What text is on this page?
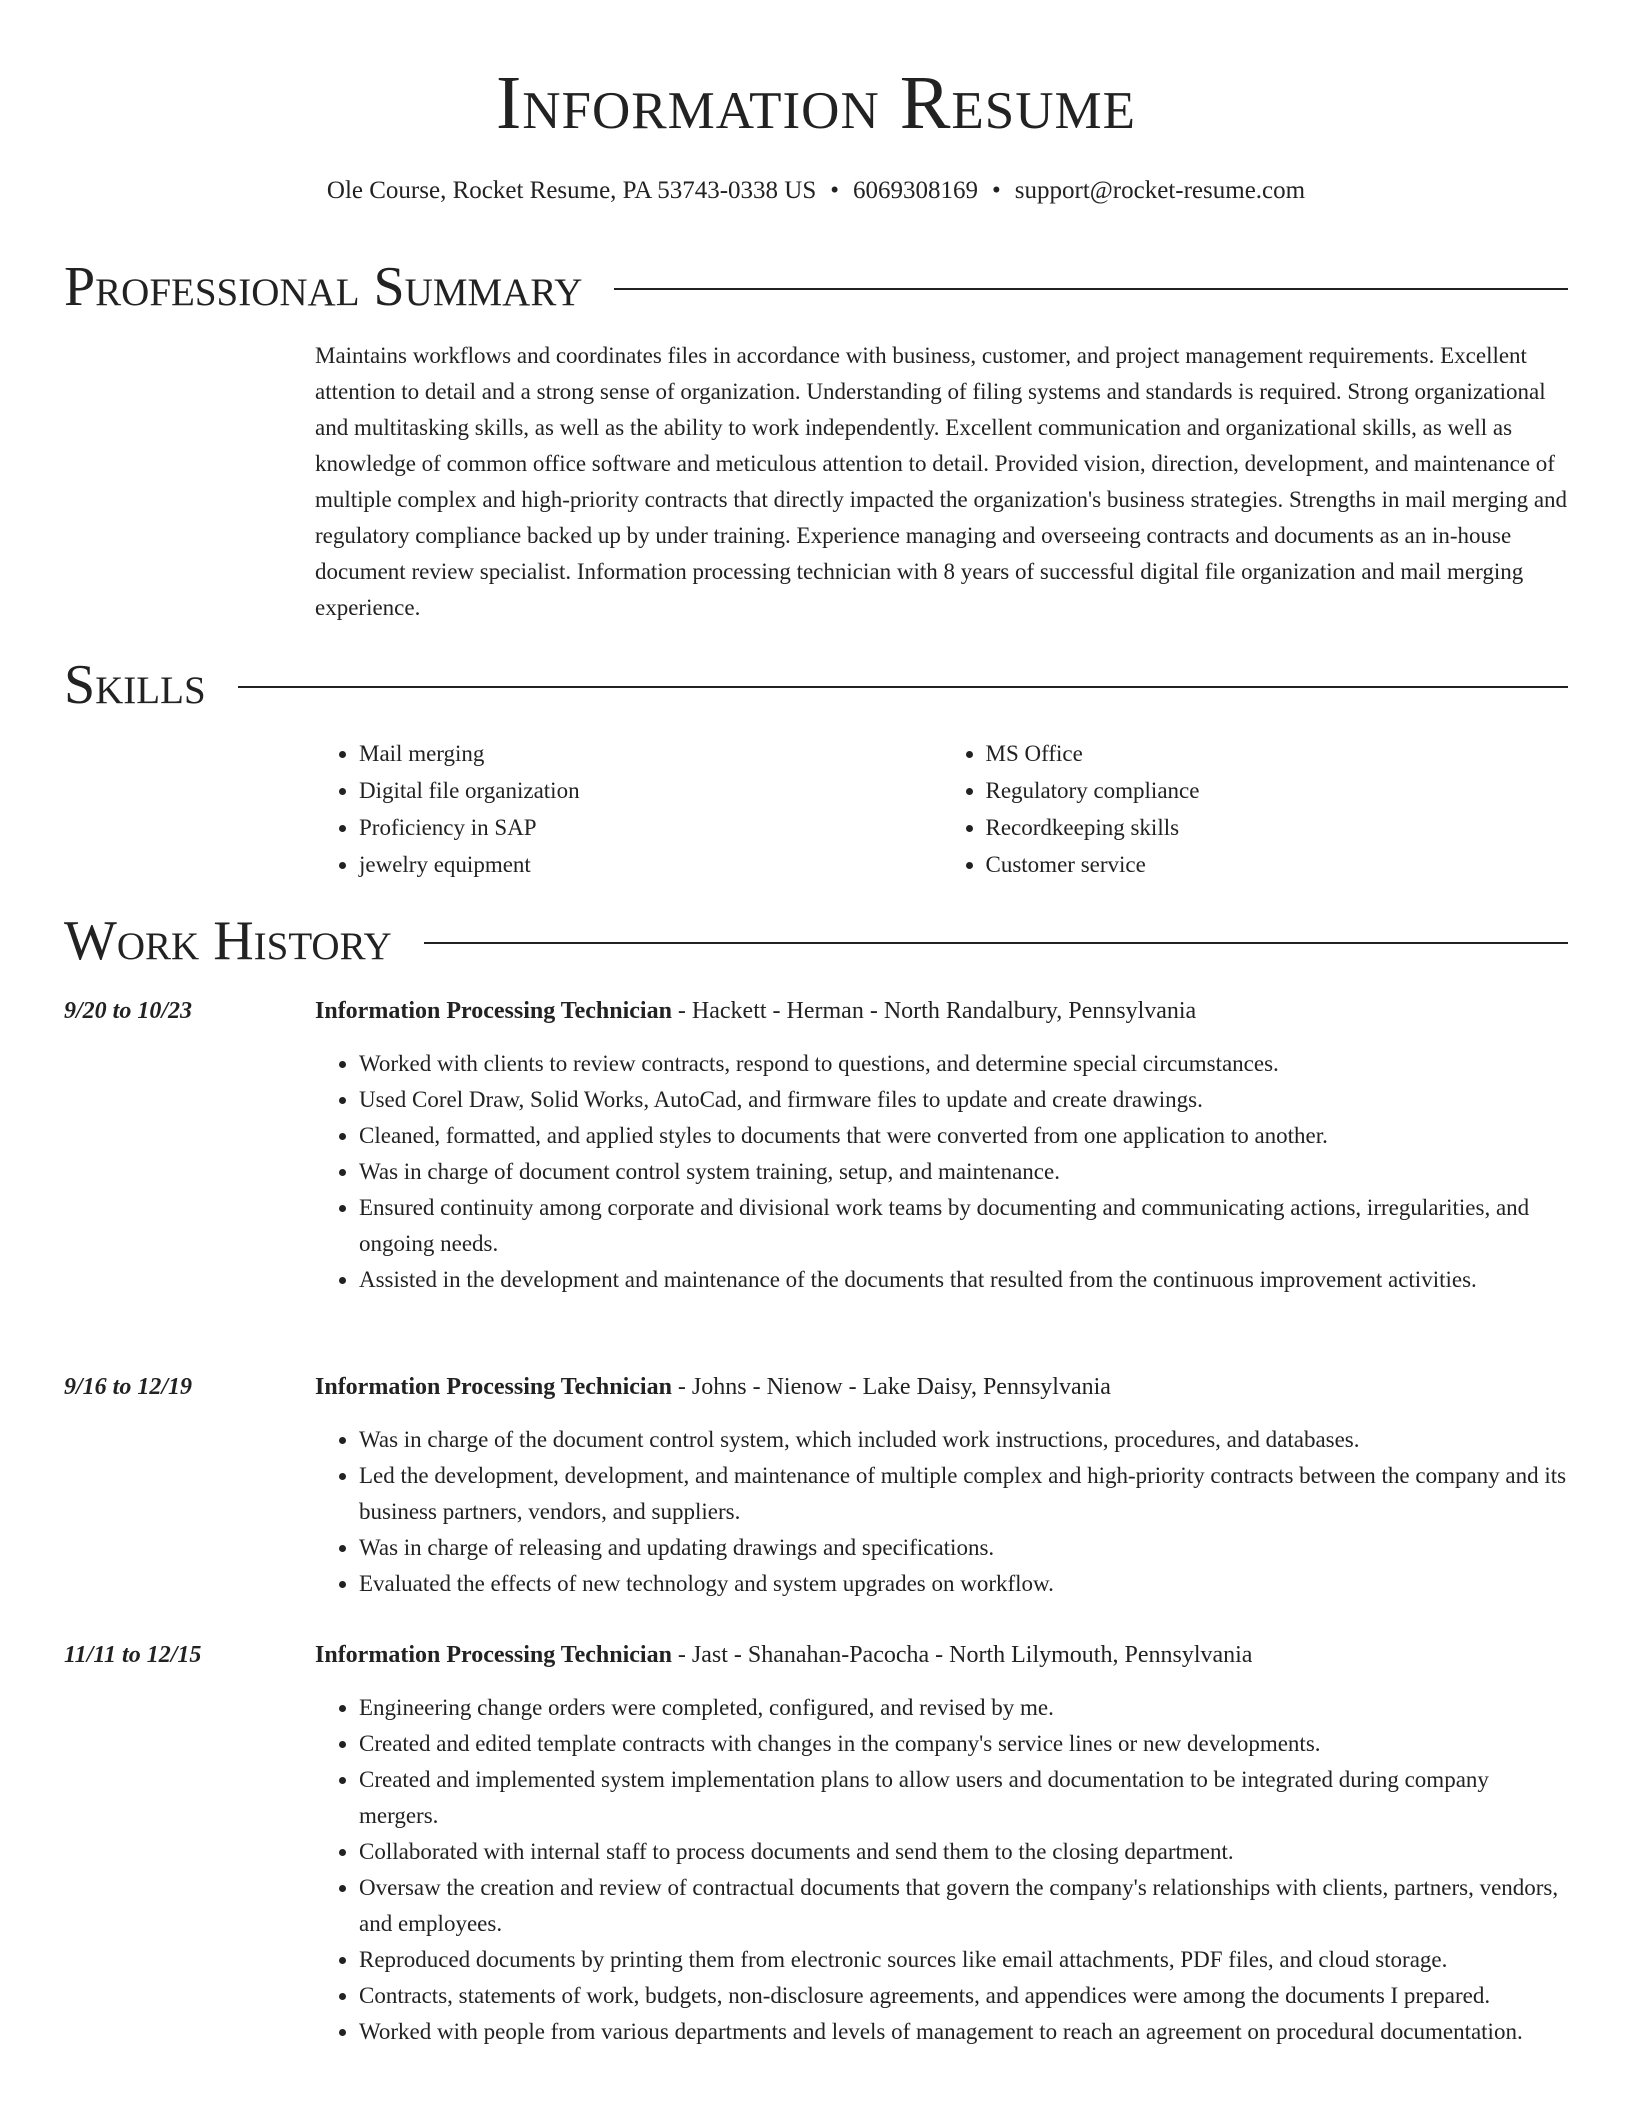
Information Resume
Ole Course, Rocket Resume, PA 53743-0338 US • 6069308169 • support@rocket-resume.com
Professional Summary
Maintains workflows and coordinates files in accordance with business, customer, and project management requirements. Excellent attention to detail and a strong sense of organization. Understanding of filing systems and standards is required. Strong organizational and multitasking skills, as well as the ability to work independently. Excellent communication and organizational skills, as well as knowledge of common office software and meticulous attention to detail. Provided vision, direction, development, and maintenance of multiple complex and high-priority contracts that directly impacted the organization's business strategies. Strengths in mail merging and regulatory compliance backed up by under training. Experience managing and overseeing contracts and documents as an in-house document review specialist. Information processing technician with 8 years of successful digital file organization and mail merging experience.
Skills
• Mail merging
• Digital file organization
• Proficiency in SAP
• jewelry equipment
• MS Office
• Regulatory compliance
• Recordkeeping skills
• Customer service
Work History
9/20 to 10/23	Information Processing Technician - Hackett - Herman - North Randalbury, Pennsylvania
• Worked with clients to review contracts, respond to questions, and determine special circumstances.
• Used Corel Draw, Solid Works, AutoCad, and firmware files to update and create drawings.
• Cleaned, formatted, and applied styles to documents that were converted from one application to another.
• Was in charge of document control system training, setup, and maintenance.
• Ensured continuity among corporate and divisional work teams by documenting and communicating actions, irregularities, and ongoing needs.
• Assisted in the development and maintenance of the documents that resulted from the continuous improvement activities.
9/16 to 12/19	Information Processing Technician - Johns - Nienow - Lake Daisy, Pennsylvania
• Was in charge of the document control system, which included work instructions, procedures, and databases.
• Led the development, development, and maintenance of multiple complex and high-priority contracts between the company and its business partners, vendors, and suppliers.
• Was in charge of releasing and updating drawings and specifications.
• Evaluated the effects of new technology and system upgrades on workflow.
11/11 to 12/15	Information Processing Technician - Jast - Shanahan-Pacocha - North Lilymouth, Pennsylvania
• Engineering change orders were completed, configured, and revised by me.
• Created and edited template contracts with changes in the company's service lines or new developments.
• Created and implemented system implementation plans to allow users and documentation to be integrated during company mergers.
• Collaborated with internal staff to process documents and send them to the closing department.
• Oversaw the creation and review of contractual documents that govern the company's relationships with clients, partners, vendors, and employees.
• Reproduced documents by printing them from electronic sources like email attachments, PDF files, and cloud storage.
• Contracts, statements of work, budgets, non-disclosure agreements, and appendices were among the documents I prepared.
• Worked with people from various departments and levels of management to reach an agreement on procedural documentation.
